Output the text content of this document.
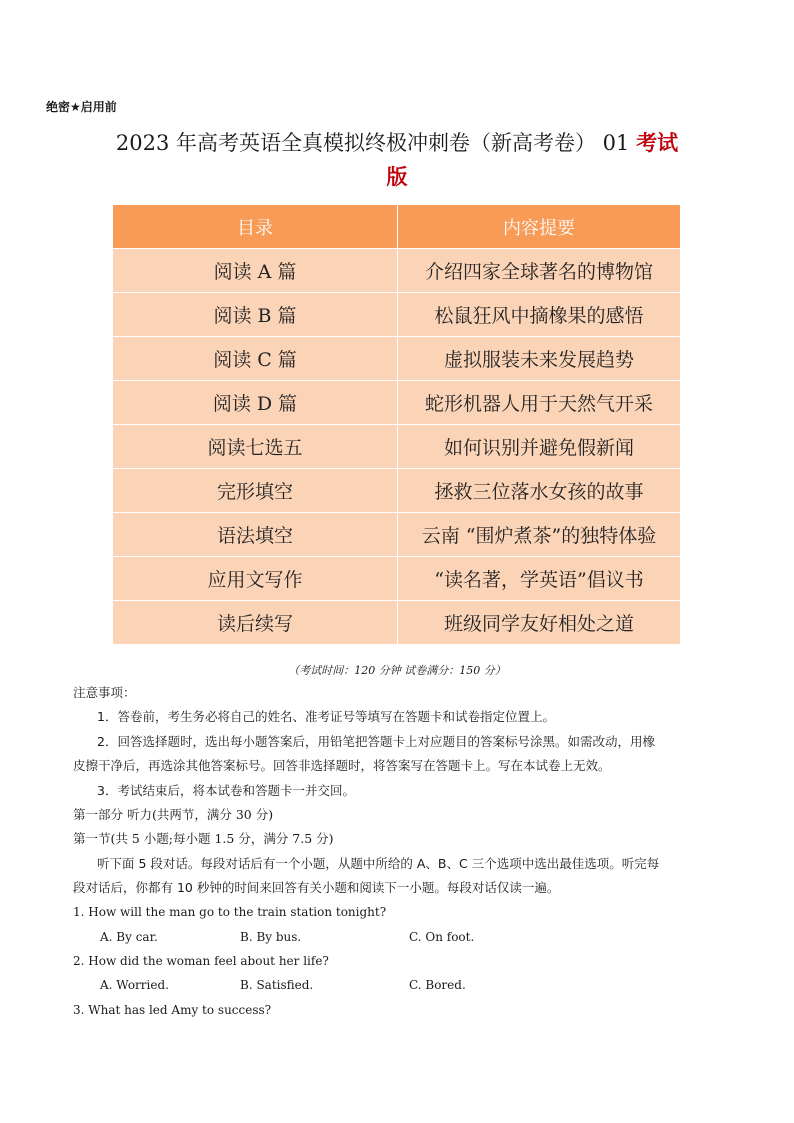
绝密★启用前
2023 年高考英语全真模拟终极冲刺卷（新高考卷） 01 考试
版
目录	内容提要
阅读 A 篇	介绍四家全球著名的博物馆
阅读 B 篇	松鼠狂风中摘橡果的感悟
阅读 C 篇	虚拟服装未来发展趋势
阅读 D 篇	蛇形机器人用于天然气开采
阅读七选五	如何识别并避免假新闻
完形填空	拯救三位落水女孩的故事
语法填空	云南 “围炉煮茶”的独特体验
应用文写作	“读名著，学英语”倡议书
读后续写	班级同学友好相处之道
（考试时间：120 分钟 试卷满分：150 分）
注意事项：
1．答卷前，考生务必将自己的姓名、准考证号等填写在答题卡和试卷指定位置上。
2．回答选择题时，选出每小题答案后，用铅笔把答题卡上对应题目的答案标号涂黑。如需改动，用橡
皮擦干净后，再选涂其他答案标号。回答非选择题时，将答案写在答题卡上。写在本试卷上无效。
3．考试结束后，将本试卷和答题卡一并交回。
第一部分 听力(共两节，满分 30 分)
第一节(共 5 小题;每小题 1.5 分，满分 7.5 分)
听下面 5 段对话。每段对话后有一个小题，从题中所给的 A、B、C 三个选项中选出最佳选项。听完每
段对话后，你都有 10 秒钟的时间来回答有关小题和阅读下一小题。每段对话仅读一遍。
1. How will the man go to the train station tonight?
A. By car.	B. By bus.	C. On foot.
2. How did the woman feel about her life?
A. Worried.	B. Satisfied.	C. Bored.
3. What has led Amy to success?
